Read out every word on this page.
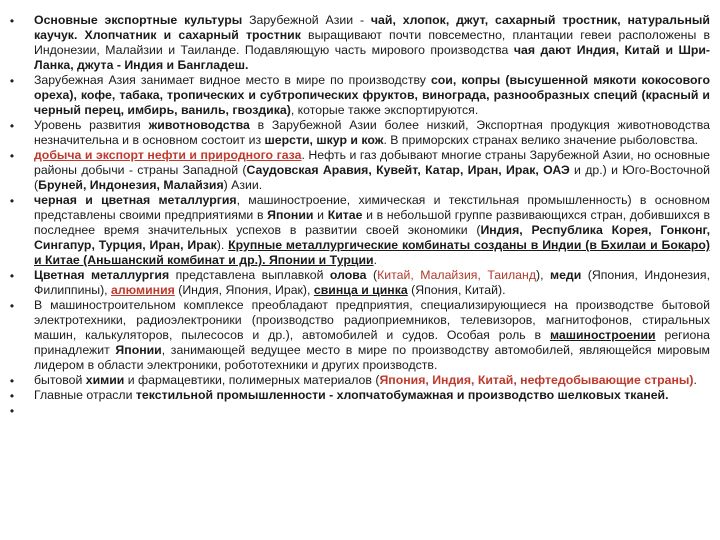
•
•
•
•
•
•
•
•
•
•

Основные экспортные культуры Зарубежной Азии - чай, хлопок, джут, сахарный тростник, натуральный каучук. Хлопчатник и сахарный тростник выращивают почти повсеместно, плантации гевеи расположены в Индонезии, Малайзии и Таиланде. Подавляющую часть мирового производства чая дают Индия, Китай и Шри-Ланка, джута - Индия и Бангладеш.

Зарубежная Азия занимает видное место в мире по производству сои, копры (высушенной мякоти кокосового ореха), кофе, табака, тропических и субтропических фруктов, винограда, разнообразных специй (красный и черный перец, имбирь, ваниль, гвоздика), которые также экспортируются.

Уровень развития животноводства в Зарубежной Азии более низкий, Экспортная продукция животноводства незначительна и в основном состоит из шерсти, шкур и кож. В приморских странах велико значение рыболовства.

добыча и экспорт нефти и природного газа. Нефть и газ добывают многие страны Зарубежной Азии, но основные районы добычи - страны Западной (Саудовская Аравия, Кувейт, Катар, Иран, Ирак, ОАЭ и др.) и Юго-Восточной (Бруней, Индонезия, Малайзия) Азии.

черная и цветная металлургия, машиностроение, химическая и текстильная промышленность) в основном представлены своими предприятиями в Японии и Китае и в небольшой группе развивающихся стран, добившихся в последнее время значительных успехов в развитии своей экономики (Индия, Республика Корея, Гонконг, Сингапур, Турция, Иран, Ирак). Крупные металлургические комбинаты созданы в Индии (в Бхилаи и Бокаро) и Китае (Аньшанский комбинат и др.). Японии и Турции.

Цветная металлургия представлена выплавкой олова (Китай, Малайзия, Таиланд), меди (Япония, Индонезия, Филиппины), алюминия (Индия, Япония, Ирак), свинца и цинка (Япония, Китай).

В машиностроительном комплексе преобладают предприятия, специализирующиеся на производстве бытовой электротехники, радиоэлектроники (производство радиоприемников, телевизоров, магнитофонов, стиральных машин, калькуляторов, пылесосов и др.), автомобилей и судов. Особая роль в машиностроении региона принадлежит Японии, занимающей ведущее место в мире по производству автомобилей, являющейся мировым лидером в области электроники, робототехники и других производств.

бытовой химии и фармацевтики, полимерных материалов (Япония, Индия, Китай, нефтедобывающие страны).

Главные отрасли текстильной промышленности - хлопчатобумажная и производство шелковых тканей.
